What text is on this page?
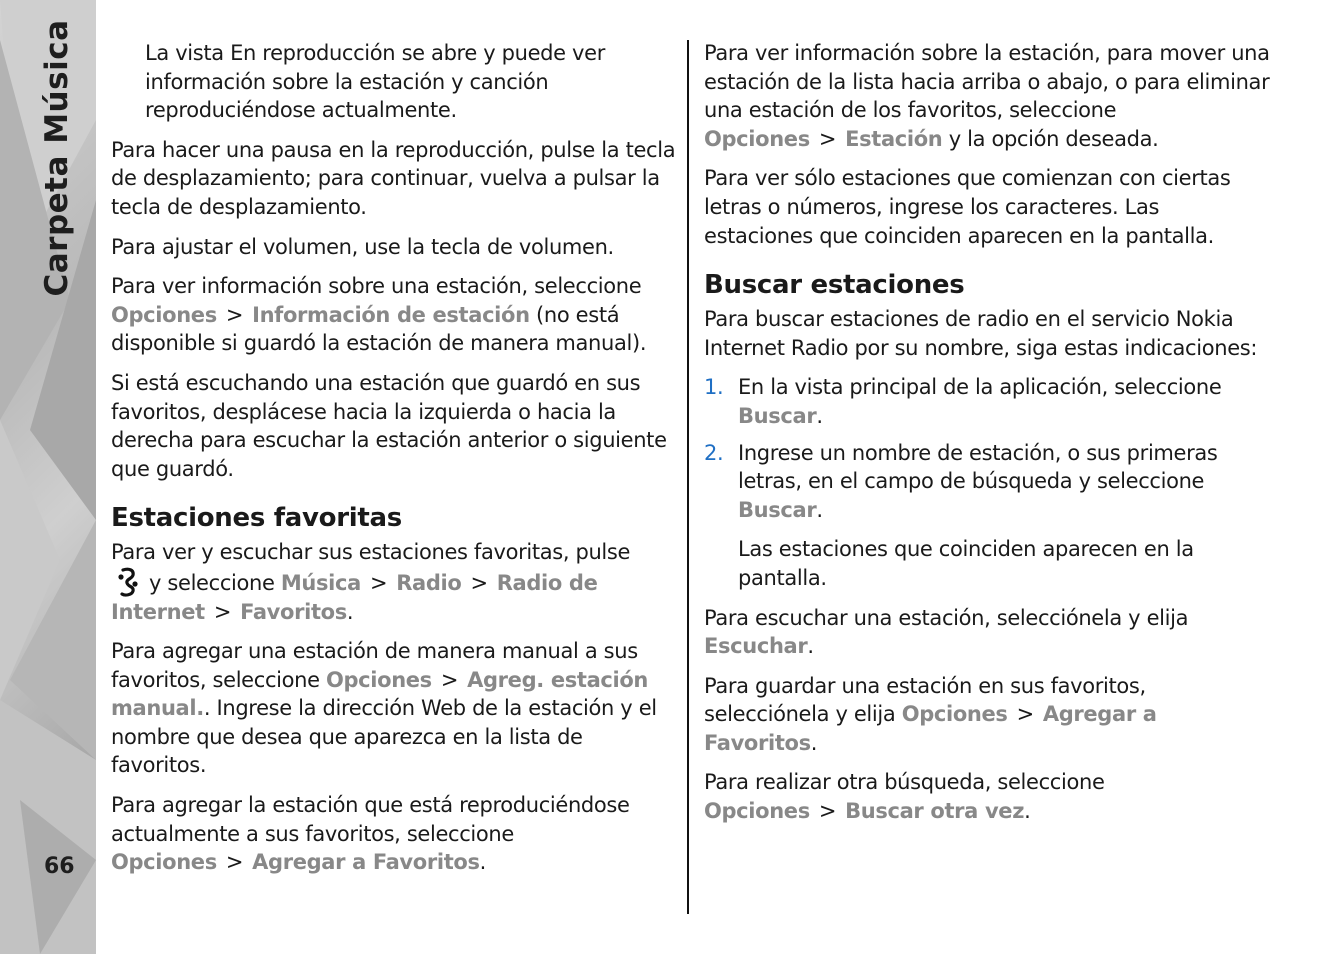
Carpeta Música
66

La vista En reproducción se abre y puede ver información sobre la estación y canción reproduciéndose actualmente.

Para hacer una pausa en la reproducción, pulse la tecla de desplazamiento; para continuar, vuelva a pulsar la tecla de desplazamiento.

Para ajustar el volumen, use la tecla de volumen.

Para ver información sobre una estación, seleccione Opciones > Información de estación (no está disponible si guardó la estación de manera manual).

Si está escuchando una estación que guardó en sus favoritos, desplácese hacia la izquierda o hacia la derecha para escuchar la estación anterior o siguiente que guardó.

Estaciones favoritas

Para ver y escuchar sus estaciones favoritas, pulse
y seleccione Música > Radio > Radio de Internet > Favoritos.

Para agregar una estación de manera manual a sus favoritos, seleccione Opciones > Agreg. estación manual.. Ingrese la dirección Web de la estación y el nombre que desea que aparezca en la lista de favoritos.

Para agregar la estación que está reproduciéndose actualmente a sus favoritos, seleccione Opciones > Agregar a Favoritos.

Para ver información sobre la estación, para mover una estación de la lista hacia arriba o abajo, o para eliminar una estación de los favoritos, seleccione Opciones > Estación y la opción deseada.

Para ver sólo estaciones que comienzan con ciertas letras o números, ingrese los caracteres. Las estaciones que coinciden aparecen en la pantalla.

Buscar estaciones

Para buscar estaciones de radio en el servicio Nokia Internet Radio por su nombre, siga estas indicaciones:

1. En la vista principal de la aplicación, seleccione Buscar.
2. Ingrese un nombre de estación, o sus primeras letras, en el campo de búsqueda y seleccione Buscar.

Las estaciones que coinciden aparecen en la pantalla.

Para escuchar una estación, selecciónela y elija Escuchar.

Para guardar una estación en sus favoritos, selecciónela y elija Opciones > Agregar a Favoritos.

Para realizar otra búsqueda, seleccione Opciones > Buscar otra vez.
